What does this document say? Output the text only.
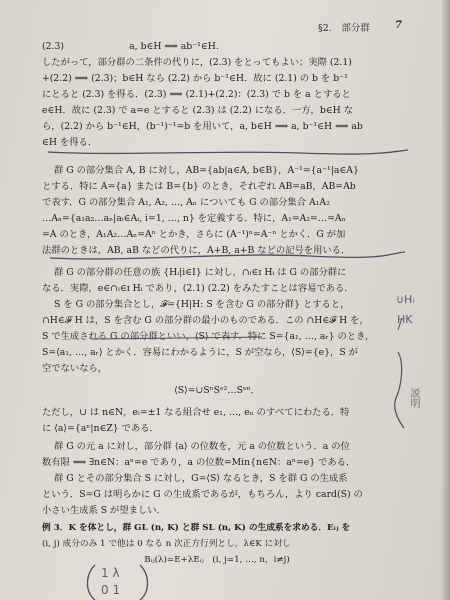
§2.　部分群	7
(2.3)　　　　　　　a, b∈H ⟹ ab⁻¹∈H.
したがって，部分群の二条件の代りに，(2.3) をとってもよい；実際 (2.1)
+(2.2) ⟹ (2.3)；b∈H なら (2.2) から b⁻¹∈H．故に (2.1) の b を b⁻¹
にとると (2.3) を得る．(2.3) ⟹ (2.1)+(2.2)：(2.3) で b を a とすると
e∈H．故に (2.3) で a=e とすると (2.3) は (2.2) になる．一方，b∈H な
ら，(2.2) から b⁻¹∈H，(b⁻¹)⁻¹=b を用いて，a, b∈H ⟹ a, b⁻¹∈H ⟹ ab
∈H を得る．
群 G の部分集合 A, B に対し，AB={ab|a∈A, b∈B}，A⁻¹={a⁻¹|a∈A}
とする．特に A={a} または B={b} のとき，それぞれ AB=aB，AB=Ab
で表す．G の部分集合 A₁, A₂, …, Aₙ についても G の部分集合 A₁A₂
…Aₙ={a₁a₂…aₙ|aᵢ∈Aᵢ, i=1, …, n} を定義する．特に，A₁=A₂=…=Aₙ
=A のとき，A₁A₂…Aₙ=Aⁿ とかき，さらに (A⁻¹)ⁿ=A⁻ⁿ とかく．G が加
法群のときは，AB, aB などの代りに，A+B, a+B などの記号を用いる．
群 G の部分群の任意の族 {Hᵢ|i∈I} に対し，∩ᵢ∈ɪ Hᵢ は G の部分群に
なる．実際，e∈∩ᵢ∈ɪ Hᵢ であり，(2.1) (2.2) をみたすことは容易である．
S を G の部分集合とし，𝓕={H|H: S を含む G の部分群} とすると，
∩H∈𝓕 H は，S を含む G の部分群の最小のものである．この ∩H∈𝓕 H を，
S で生成される G の部分群といい，⟨S⟩ で表す．特に S={a₁, …, aᵣ} のとき，
S=⟨a₁, …, aᵣ⟩ とかく．容易にわかるように，S が空なら，⟨S⟩={e}，S が
空でないなら，
⟨S⟩=∪SⁿSᵉ²…Sᵉⁿ．
ただし，∪ は n∈N，eᵢ=±1 なる組合せ e₁, …, eₙ のすべてにわたる．特
に ⟨a⟩={aⁿ|n∈Z} である．
群 G の元 a に対し，部分群 ⟨a⟩ の位数を，元 a の位数という．a の位
数有限 ⟺ ∃n∈N：aⁿ=e であり，a の位数=Min{n∈N：aⁿ=e} である．
群 G とその部分集合 S に対し，G=⟨S⟩ なるとき，S を群 G の生成系
という．S=G は明らかに G の生成系であるが，もちろん，より card(S) の
小さい生成系 S が望ましい．
例 3．K を体とし，群 GL (n, K) と群 SL (n, K) の生成系を求める．Eᵢⱼ を
(i, j) 成分のみ 1 で他は 0 なる n 次正方行列とし，λ∈K に対し
Bᵢⱼ(λ)=E+λEᵢⱼ　(i, j=1, …, n，i≠j)
∪Hᵢ
HK
説明
1 λ
0 1
